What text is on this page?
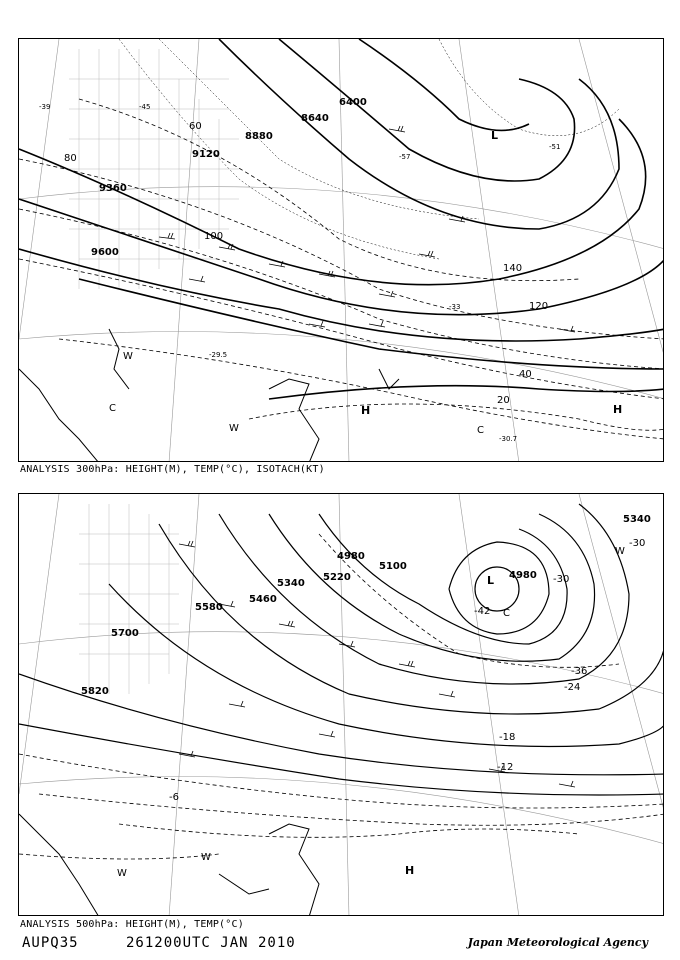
8640
8880
9120
9360
9600
6400
60
80
100
120
140
40
20
-45
-51
-39
-57
-33
-30.7
-29.5
H	H
L
W
W
C
C
ANALYSIS 300hPa: HEIGHT(M), TEMP(°C), ISOTACH(KT)
4980
5100
5220
5340
5460
5580
5700
5820
4980
5340
-42
-36
-30
-24
-18
-12
-6
-30
L
H
C
W
W
W
ANALYSIS 500hPa: HEIGHT(M), TEMP(°C)
AUPQ35	261200UTC JAN 2010	Japan Meteorological Agency
